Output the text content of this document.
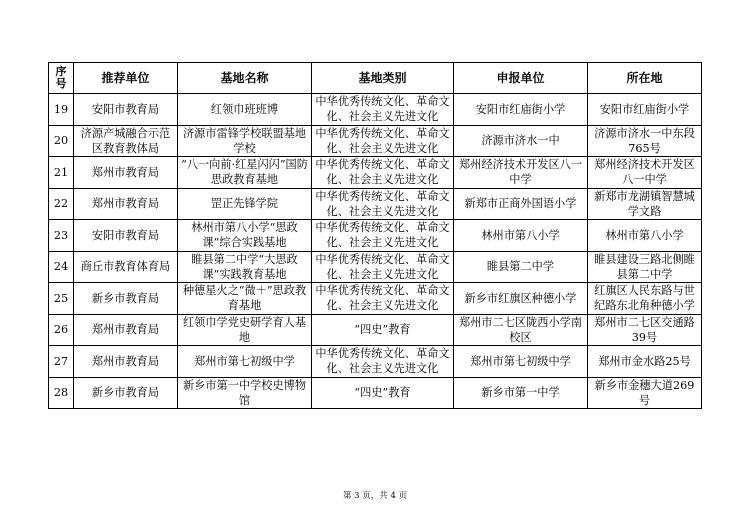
序号	推荐单位	基地名称	基地类别	申报单位	所在地
19	安阳市教育局	红领巾班班博	中华优秀传统文化、革命文化、社会主义先进文化	安阳市红庙街小学	安阳市红庙街小学
20	济源产城融合示范区教育教体局	济源市雷锋学校联盟基地学校	中华优秀传统文化、革命文化、社会主义先进文化	济源市济水一中	济源市济水一中东段765号
21	郑州市教育局	“八一向前·红星闪闪”国防思政教育基地	中华优秀传统文化、革命文化、社会主义先进文化	郑州经济技术开发区八一中学	郑州经济技术开发区八一中学
22	郑州市教育局	罡正先锋学院	中华优秀传统文化、革命文化、社会主义先进文化	新郑市正商外国语小学	新郑市龙湖镇智慧城学文路
23	安阳市教育局	林州市第八小学“思政课”综合实践基地	中华优秀传统文化、革命文化、社会主义先进文化	林州市第八小学	林州市第八小学
24	商丘市教育体育局	睢县第二中学“大思政课”实践教育基地	中华优秀传统文化、革命文化、社会主义先进文化	睢县第二中学	睢县建设三路北侧睢县第二中学
25	新乡市教育局	种德星火之“微＋”思政教育基地	中华优秀传统文化、革命文化、社会主义先进文化	新乡市红旗区种德小学	红旗区人民东路与世纪路东北角种德小学
26	郑州市教育局	红领巾学党史研学育人基地	“四史”教育	郑州市二七区陇西小学南校区	郑州市二七区交通路39号
27	郑州市教育局	郑州市第七初级中学	中华优秀传统文化、革命文化、社会主义先进文化	郑州市第七初级中学	郑州市金水路25号
28	新乡市教育局	新乡市第一中学校史博物馆	“四史”教育	新乡市第一中学	新乡市金穗大道269号
第 3 页，共 4 页
